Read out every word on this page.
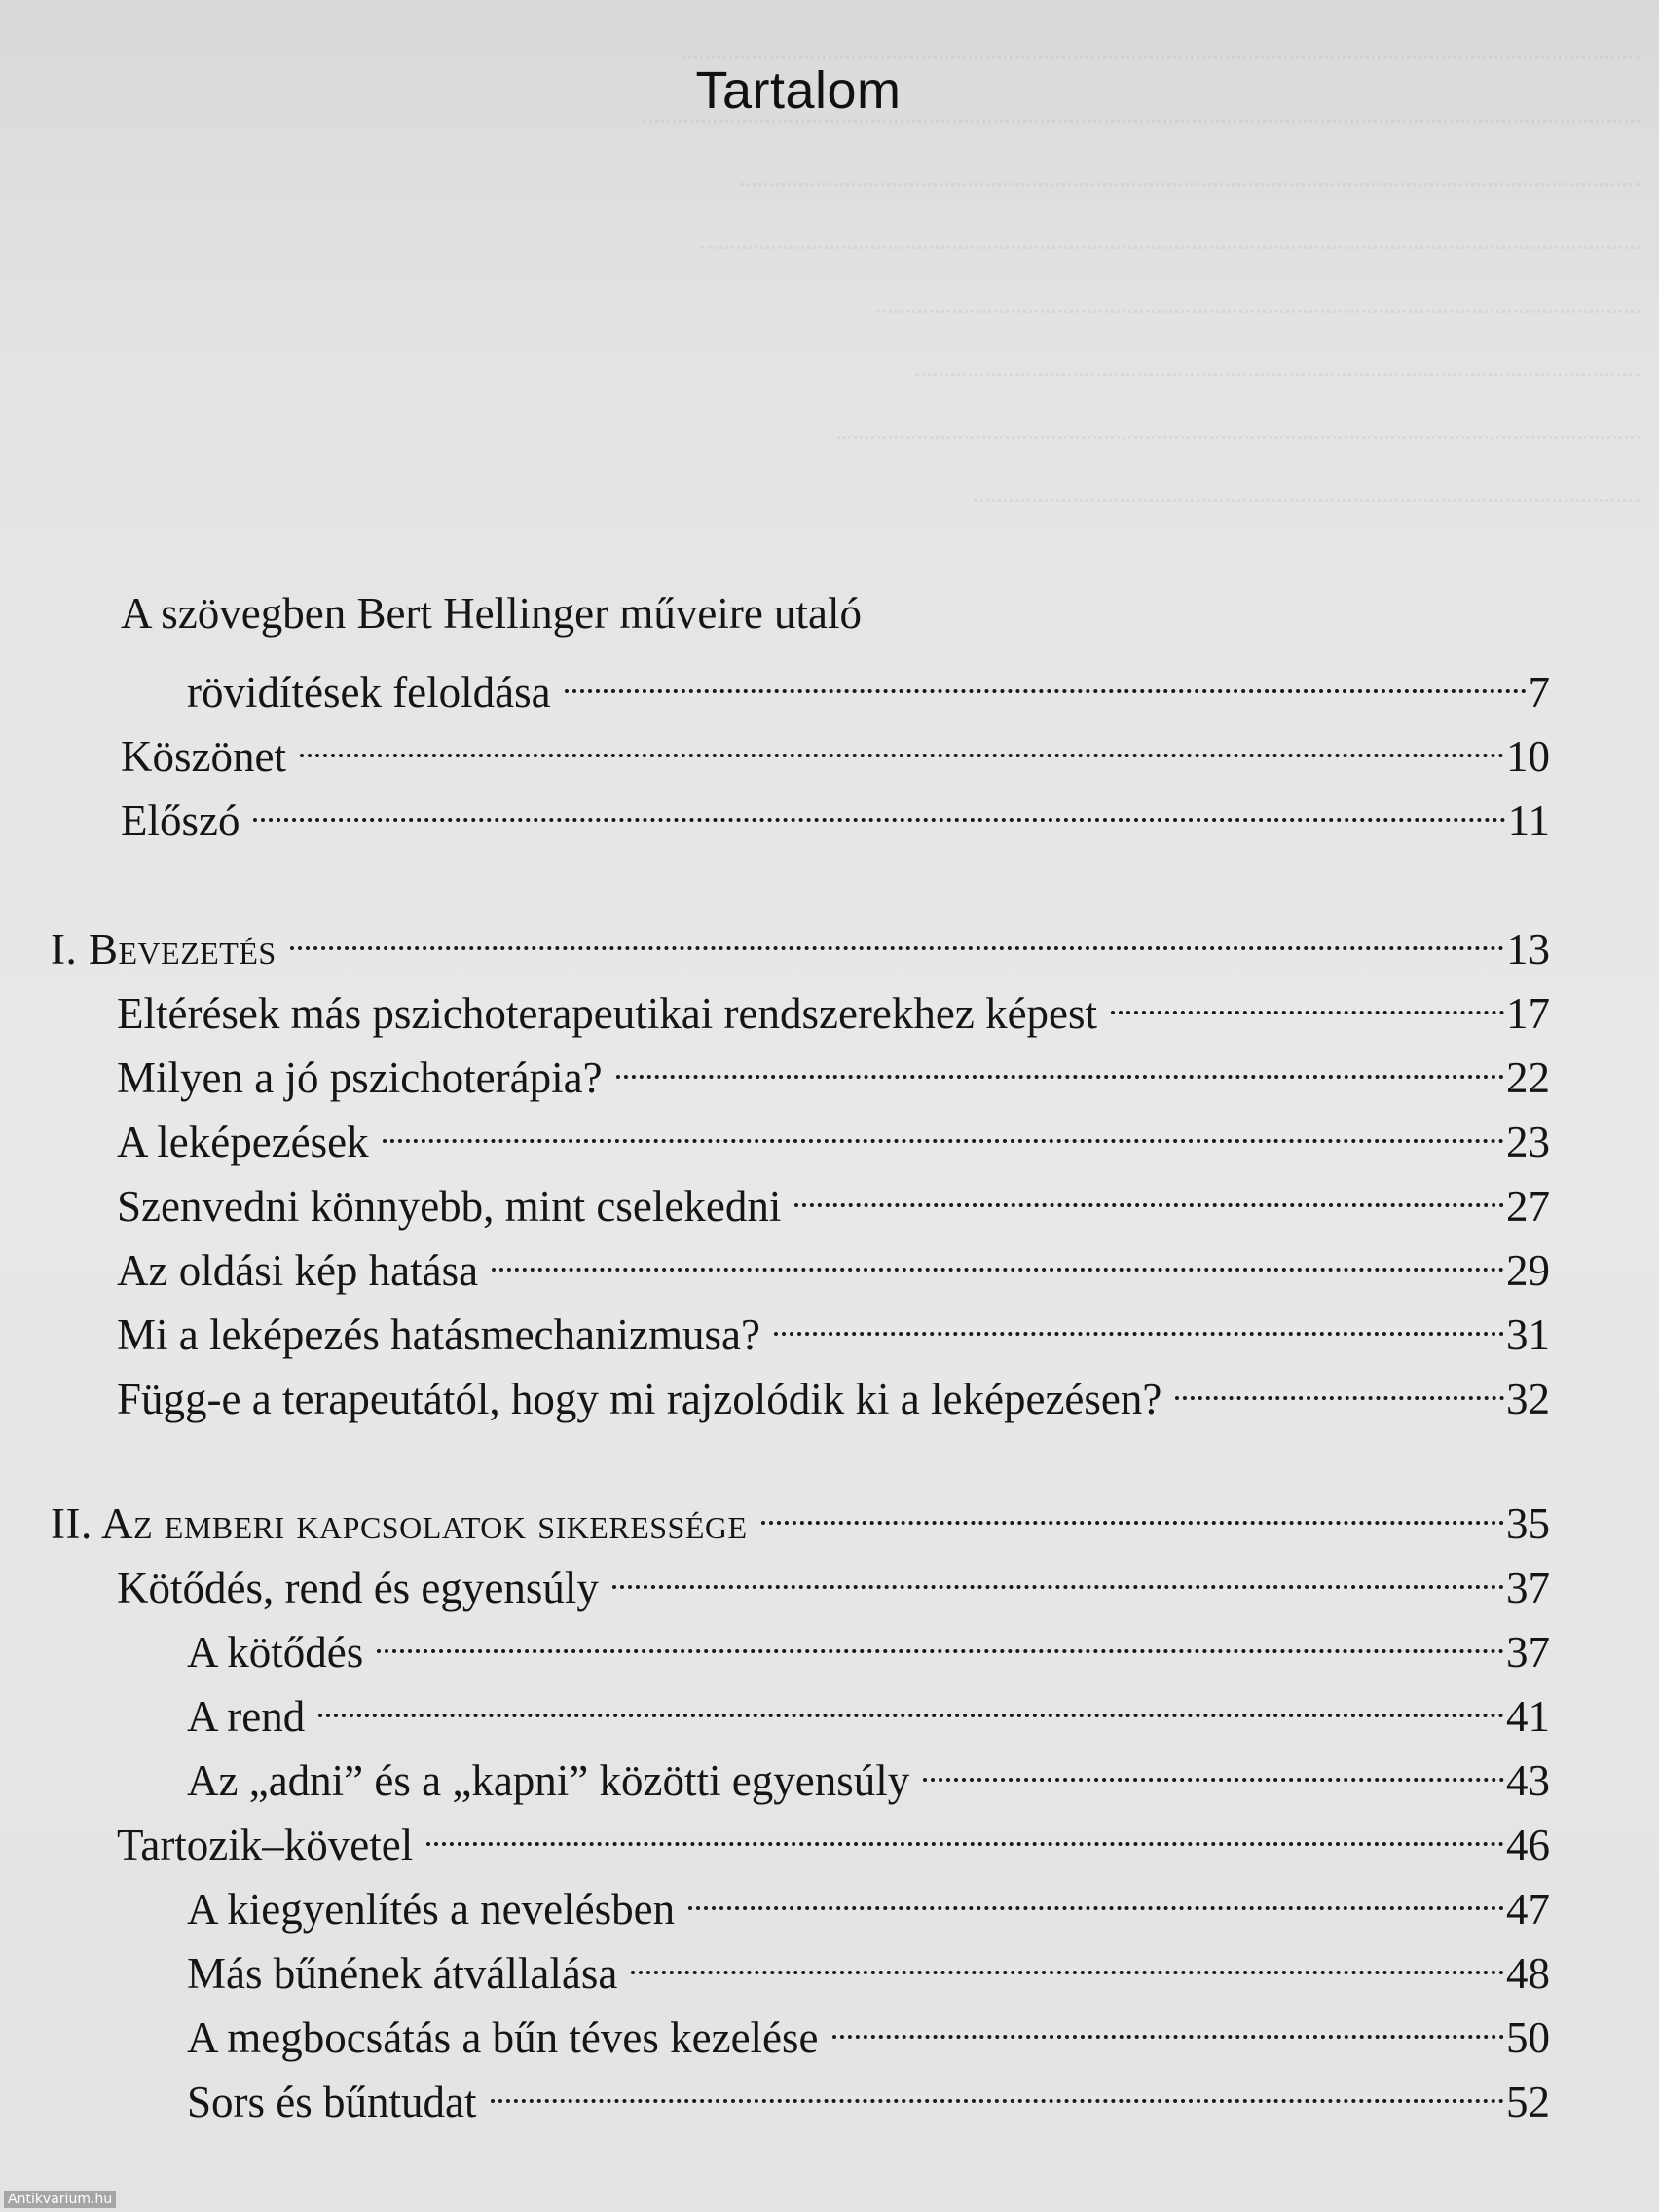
Tartalom
A szövegben Bert Hellinger műveire utaló
rövidítések feloldása	7
Köszönet	10
Előszó	11
I. Bevezetés	13
Eltérések más pszichoterapeutikai rendszerekhez képest	17
Milyen a jó pszichoterápia?	22
A leképezések	23
Szenvedni könnyebb, mint cselekedni	27
Az oldási kép hatása	29
Mi a leképezés hatásmechanizmusa?	31
Függ-e a terapeutától, hogy mi rajzolódik ki a leképezésen?	32
II. Az emberi kapcsolatok sikeressége	35
Kötődés, rend és egyensúly	37
A kötődés	37
A rend	41
Az „adni” és a „kapni” közötti egyensúly	43
Tartozik–követel	46
A kiegyenlítés a nevelésben	47
Más bűnének átvállalása	48
A megbocsátás a bűn téves kezelése	50
Sors és bűntudat	52
Antikvarium.hu
